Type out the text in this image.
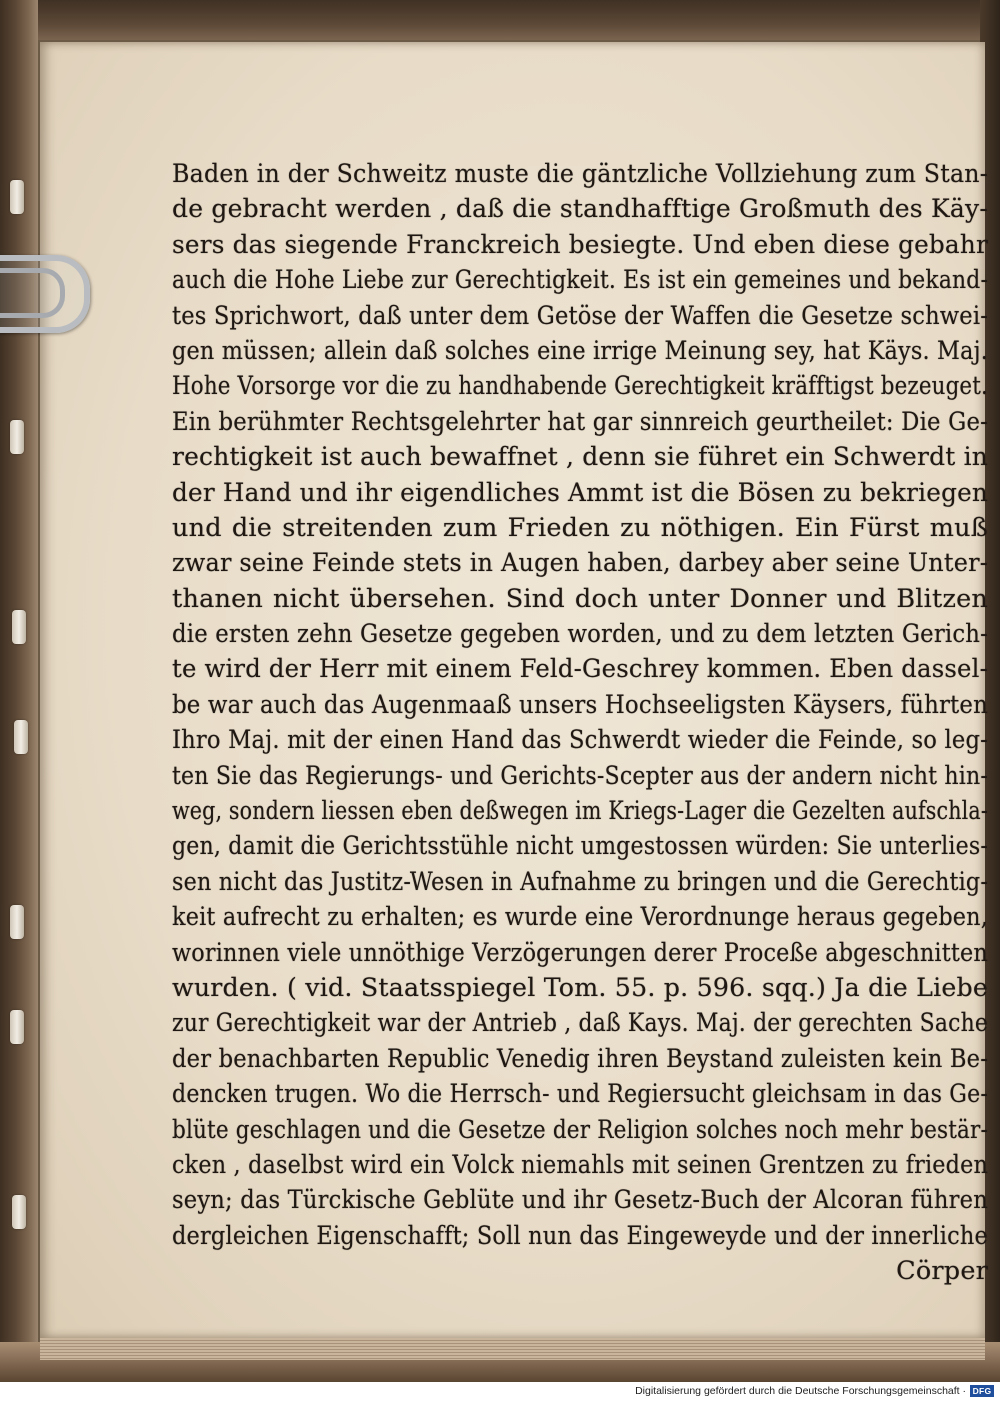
Baden in der Schweitz muste die gäntzliche Vollziehung zum Stan-
de gebracht werden , daß die standhafftige Großmuth des Käy-
sers das siegende Franckreich besiegte. Und eben diese gebahr
auch die Hohe Liebe zur Gerechtigkeit. Es ist ein gemeines und bekand-
tes Sprichwort, daß unter dem Getöse der Waffen die Gesetze schwei-
gen müssen; allein daß solches eine irrige Meinung sey, hat Käys. Maj.
Hohe Vorsorge vor die zu handhabende Gerechtigkeit kräfftigst bezeuget.
Ein berühmter Rechtsgelehrter hat gar sinnreich geurtheilet: Die Ge-
rechtigkeit ist auch bewaffnet , denn sie führet ein Schwerdt in
der Hand und ihr eigendliches Ammt ist die Bösen zu bekriegen
und die streitenden zum Frieden zu nöthigen. Ein Fürst muß
zwar seine Feinde stets in Augen haben, darbey aber seine Unter-
thanen nicht übersehen. Sind doch unter Donner und Blitzen
die ersten zehn Gesetze gegeben worden, und zu dem letzten Gerich-
te wird der Herr mit einem Feld-Geschrey kommen. Eben dassel-
be war auch das Augenmaaß unsers Hochseeligsten Käysers, führten
Ihro Maj. mit der einen Hand das Schwerdt wieder die Feinde, so leg-
ten Sie das Regierungs- und Gerichts-Scepter aus der andern nicht hin-
weg, sondern liessen eben deßwegen im Kriegs-Lager die Gezelten aufschla-
gen, damit die Gerichtsstühle nicht umgestossen würden: Sie unterlies-
sen nicht das Justitz-Wesen in Aufnahme zu bringen und die Gerechtig-
keit aufrecht zu erhalten; es wurde eine Verordnunge heraus gegeben,
worinnen viele unnöthige Verzögerungen derer Proceße abgeschnitten
wurden. ( vid. Staatsspiegel Tom. 55. p. 596. sqq.) Ja die Liebe
zur Gerechtigkeit war der Antrieb , daß Kays. Maj. der gerechten Sache
der benachbarten Republic Venedig ihren Beystand zuleisten kein Be-
dencken trugen. Wo die Herrsch- und Regiersucht gleichsam in das Ge-
blüte geschlagen und die Gesetze der Religion solches noch mehr bestär-
cken , daselbst wird ein Volck niemahls mit seinen Grentzen zu frieden
seyn; das Türckische Geblüte und ihr Gesetz-Buch der Alcoran führen
dergleichen Eigenschafft; Soll nun das Eingeweyde und der innerliche
Cörper
Digitalisierung gefördert durch die Deutsche Forschungsgemeinschaft · DFG
